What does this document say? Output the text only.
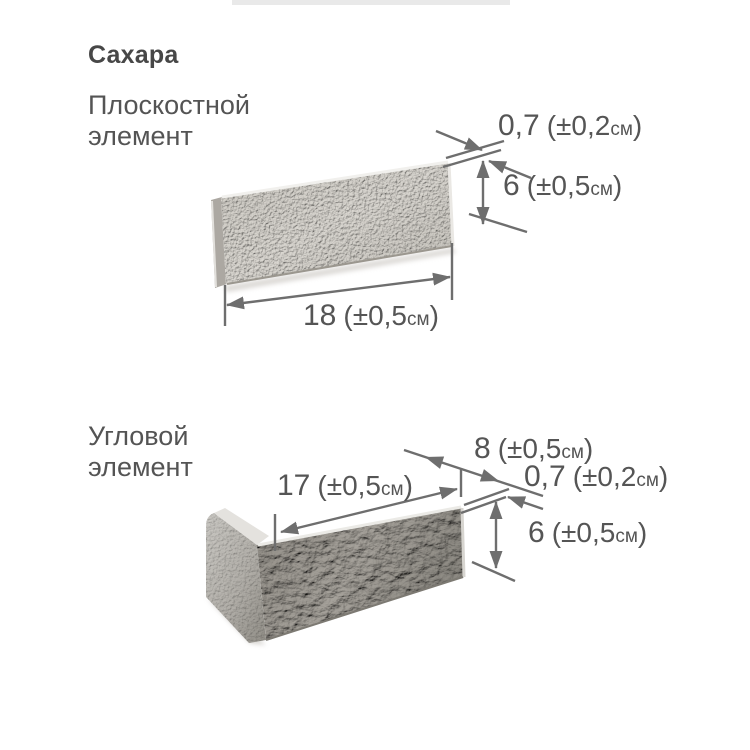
Сахара
Плоскостной
элемент
Угловой
элемент
0,7 (±0,2см)
6 (±0,5см)
18 (±0,5см)
17 (±0,5см)
8 (±0,5см)
0,7 (±0,2см)
6 (±0,5см)
